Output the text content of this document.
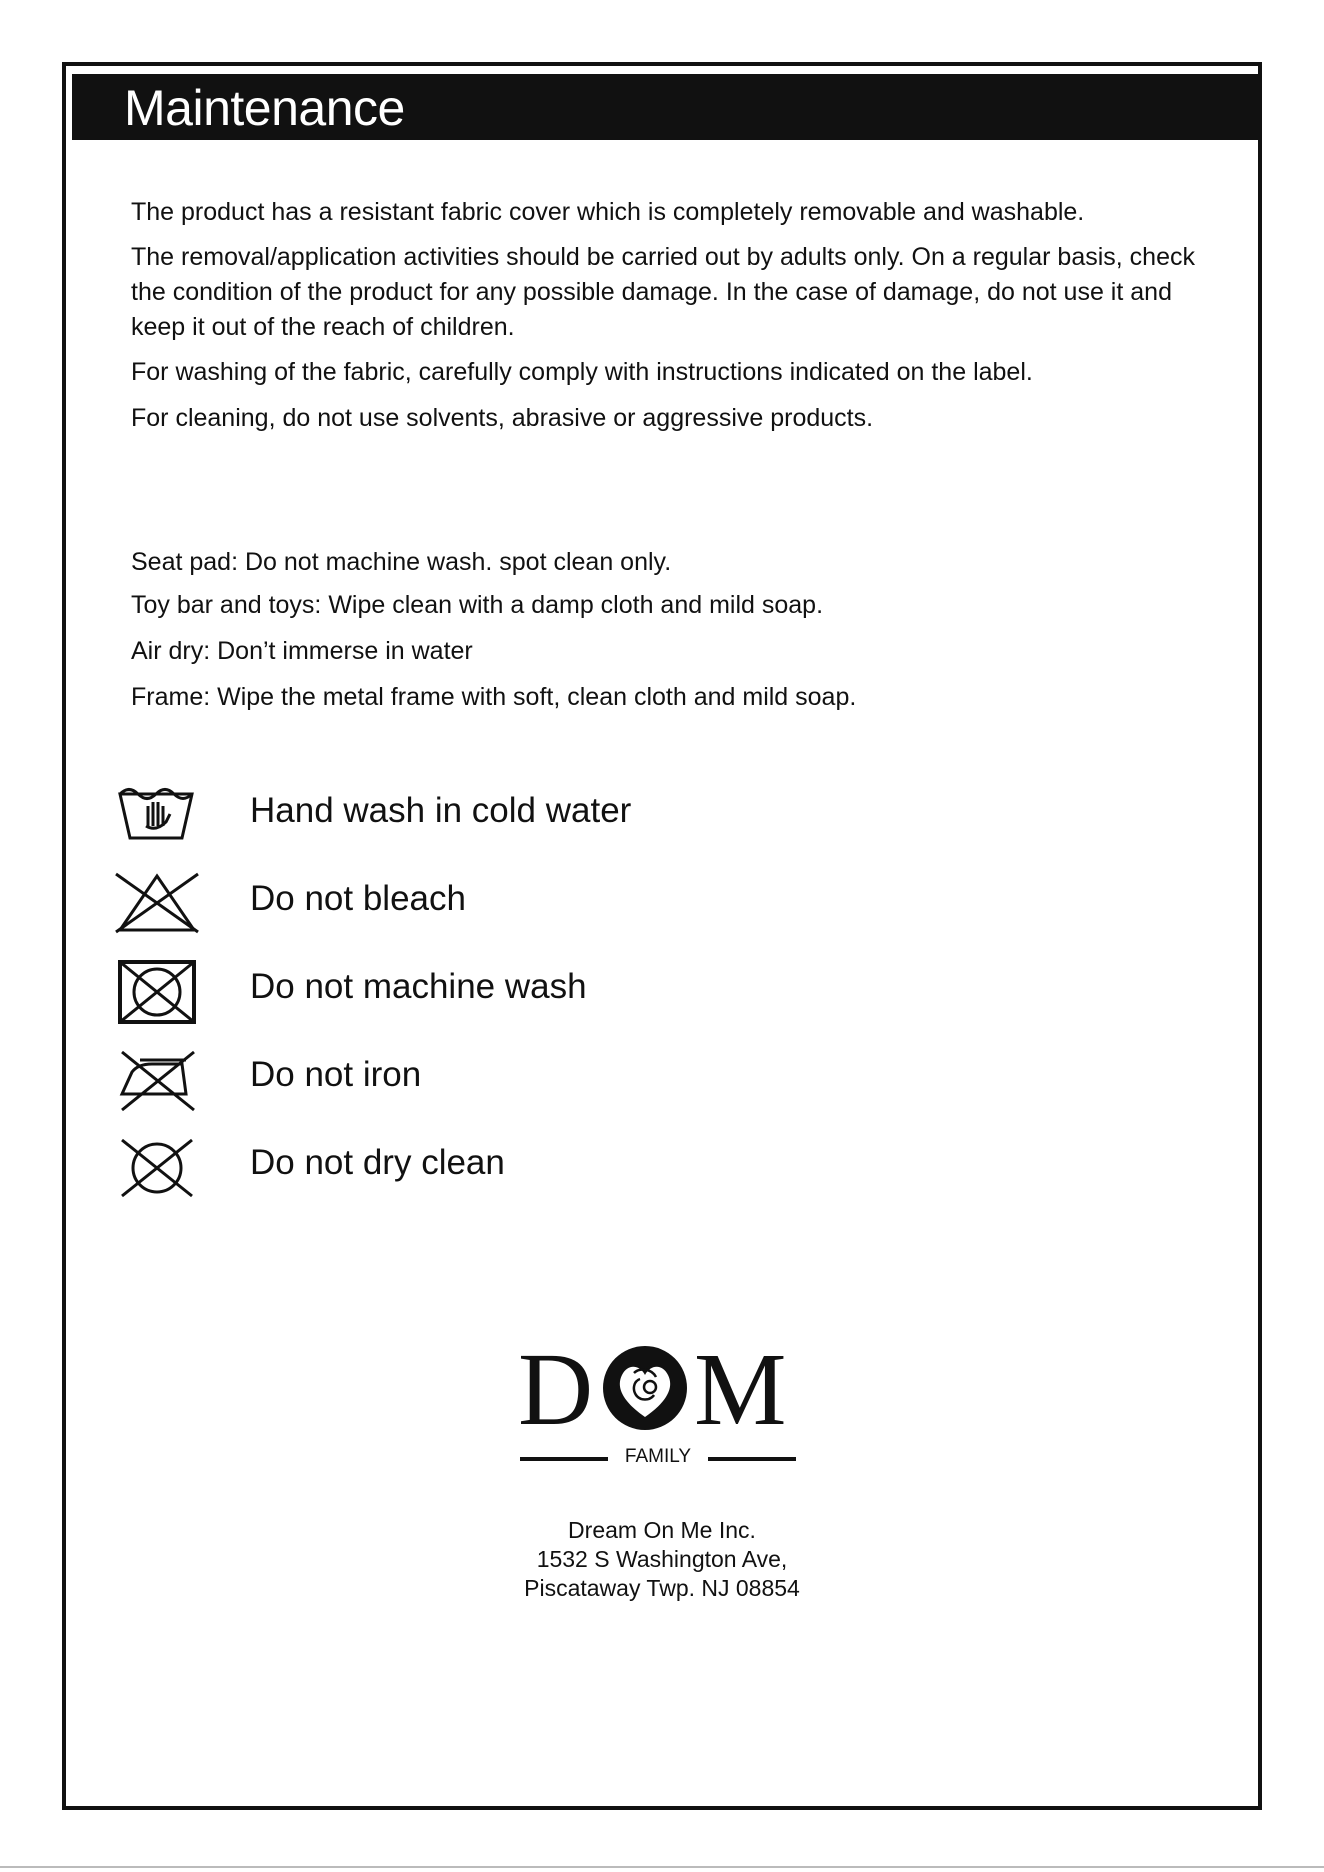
Maintenance

The product has a resistant fabric cover which is completely removable and washable.

The removal/application activities should be carried out by adults only. On a regular basis, check the condition of the product for any possible damage. In the case of damage, do not use it and keep it out of the reach of children.

For washing of the fabric, carefully comply with instructions indicated on the label.

For cleaning, do not use solvents, abrasive or aggressive products.

Seat pad: Do not machine wash. spot clean only.

Toy bar and toys: Wipe clean with a damp cloth and mild soap.

Air dry: Don’t immerse in water

Frame: Wipe the metal frame with soft, clean cloth and mild soap.

Hand wash in cold water
Do not bleach
Do not machine wash
Do not iron
Do not dry clean
D M
FAMILY
Dream On Me Inc.
1532 S Washington Ave,
Piscataway Twp. NJ 08854
